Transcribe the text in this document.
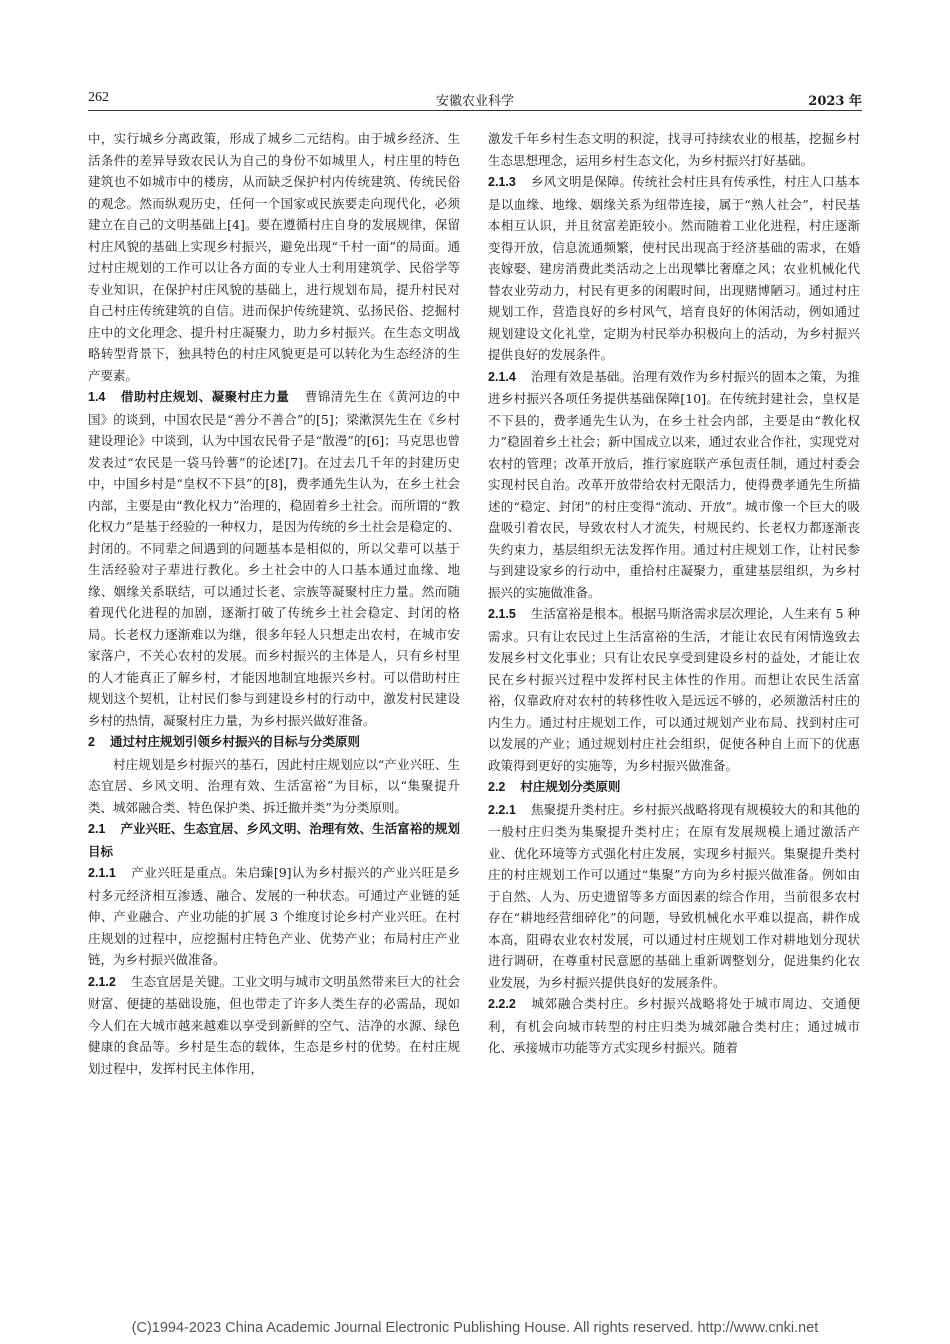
262	安徽农业科学	2023 年

中，实行城乡分离政策，形成了城乡二元结构。由于城乡经济、生活条件的差异导致农民认为自己的身份不如城里人，村庄里的特色建筑也不如城市中的楼房，从而缺乏保护村内传统建筑、传统民俗的观念。然而纵观历史，任何一个国家或民族要走向现代化，必须建立在自己的文明基础上[4]。要在遵循村庄自身的发展规律，保留村庄风貌的基础上实现乡村振兴，避免出现“千村一面”的局面。通过村庄规划的工作可以让各方面的专业人士利用建筑学、民俗学等专业知识，在保护村庄风貌的基础上，进行规划布局，提升村民对自己村庄传统建筑的自信。进而保护传统建筑、弘扬民俗、挖掘村庄中的文化理念、提升村庄凝聚力，助力乡村振兴。在生态文明战略转型背景下，独具特色的村庄风貌更是可以转化为生态经济的生产要素。

1.4 借助村庄规划、凝聚村庄力量 曹锦清先生在《黄河边的中国》的谈到，中国农民是“善分不善合”的[5]；梁漱溟先生在《乡村建设理论》中谈到，认为中国农民骨子是“散漫”的[6]；马克思也曾发表过“农民是一袋马铃薯”的论述[7]。在过去几千年的封建历史中，中国乡村是“皇权不下县”的[8]，费孝通先生认为，在乡土社会内部，主要是由“教化权力”治理的，稳固着乡土社会。而所谓的“教化权力”是基于经验的一种权力，是因为传统的乡土社会是稳定的、封闭的。不同辈之间遇到的问题基本是相似的，所以父辈可以基于生活经验对子辈进行教化。乡土社会中的人口基本通过血缘、地缘、姻缘关系联结，可以通过长老、宗族等凝聚村庄力量。然而随着现代化进程的加剧，逐渐打破了传统乡土社会稳定、封闭的格局。长老权力逐渐难以为继，很多年轻人只想走出农村，在城市安家落户，不关心农村的发展。而乡村振兴的主体是人，只有乡村里的人才能真正了解乡村，才能因地制宜地振兴乡村。可以借助村庄规划这个契机，让村民们参与到建设乡村的行动中，激发村民建设乡村的热情，凝聚村庄力量，为乡村振兴做好准备。

2 通过村庄规划引领乡村振兴的目标与分类原则

村庄规划是乡村振兴的基石，因此村庄规划应以“产业兴旺、生态宜居、乡风文明、治理有效、生活富裕”为目标，以“集聚提升类、城郊融合类、特色保护类、拆迁撤并类”为分类原则。

2.1 产业兴旺、生态宜居、乡风文明、治理有效、生活富裕的规划目标

2.1.1 产业兴旺是重点。朱启臻[9]认为乡村振兴的产业兴旺是乡村多元经济相互渗透、融合、发展的一种状态。可通过产业链的延伸、产业融合、产业功能的扩展 3 个维度讨论乡村产业兴旺。在村庄规划的过程中，应挖掘村庄特色产业、优势产业；布局村庄产业链，为乡村振兴做准备。

2.1.2 生态宜居是关键。工业文明与城市文明虽然带来巨大的社会财富、便捷的基础设施，但也带走了许多人类生存的必需品，现如今人们在大城市越来越难以享受到新鲜的空气、洁净的水源、绿色健康的食品等。乡村是生态的载体，生态是乡村的优势。在村庄规划过程中，发挥村民主体作用，

激发千年乡村生态文明的积淀，找寻可持续农业的根基，挖掘乡村生态思想理念，运用乡村生态文化，为乡村振兴打好基础。

2.1.3 乡风文明是保障。传统社会村庄具有传承性，村庄人口基本是以血缘、地缘、姻缘关系为纽带连接，属于“熟人社会”，村民基本相互认识，并且贫富差距较小。然而随着工业化进程，村庄逐渐变得开放，信息流通频繁，使村民出现高于经济基础的需求，在婚丧嫁娶、建房消费此类活动之上出现攀比奢靡之风；农业机械化代替农业劳动力，村民有更多的闲暇时间，出现赌博陋习。通过村庄规划工作，营造良好的乡村风气，培育良好的休闲活动，例如通过规划建设文化礼堂，定期为村民举办积极向上的活动，为乡村振兴提供良好的发展条件。

2.1.4 治理有效是基础。治理有效作为乡村振兴的固本之策，为推进乡村振兴各项任务提供基础保障[10]。在传统封建社会，皇权是不下县的，费孝通先生认为，在乡土社会内部，主要是由“教化权力”稳固着乡土社会；新中国成立以来，通过农业合作社，实现党对农村的管理；改革开放后，推行家庭联产承包责任制，通过村委会实现村民自治。改革开放带给农村无限活力，使得费孝通先生所描述的“稳定、封闭”的村庄变得“流动、开放”。城市像一个巨大的吸盘吸引着农民，导致农村人才流失，村规民约、长老权力都逐渐丧失约束力，基层组织无法发挥作用。通过村庄规划工作，让村民参与到建设家乡的行动中，重拾村庄凝聚力，重建基层组织，为乡村振兴的实施做准备。

2.1.5 生活富裕是根本。根据马斯洛需求层次理论，人生来有 5 种需求。只有让农民过上生活富裕的生活，才能让农民有闲情逸致去发展乡村文化事业；只有让农民享受到建设乡村的益处，才能让农民在乡村振兴过程中发挥村民主体性的作用。而想让农民生活富裕，仅靠政府对农村的转移性收入是远远不够的，必须激活村庄的内生力。通过村庄规划工作，可以通过规划产业布局、找到村庄可以发展的产业；通过规划村庄社会组织，促使各种自上而下的优惠政策得到更好的实施等，为乡村振兴做准备。

2.2 村庄规划分类原则

2.2.1 焦聚提升类村庄。乡村振兴战略将现有规模较大的和其他的一般村庄归类为集聚提升类村庄；在原有发展规模上通过激活产业、优化环境等方式强化村庄发展，实现乡村振兴。集聚提升类村庄的村庄规划工作可以通过“集聚”方向为乡村振兴做准备。例如由于自然、人为、历史遗留等多方面因素的综合作用，当前很多农村存在“耕地经营细碎化”的问题，导致机械化水平难以提高，耕作成本高，阻碍农业农村发展，可以通过村庄规划工作对耕地划分现状进行调研，在尊重村民意愿的基础上重新调整划分，促进集约化农业发展，为乡村振兴提供良好的发展条件。

2.2.2 城郊融合类村庄。乡村振兴战略将处于城市周边、交通便利，有机会向城市转型的村庄归类为城郊融合类村庄；通过城市化、承接城市功能等方式实现乡村振兴。随着

(C)1994-2023 China Academic Journal Electronic Publishing House. All rights reserved. http://www.cnki.net
